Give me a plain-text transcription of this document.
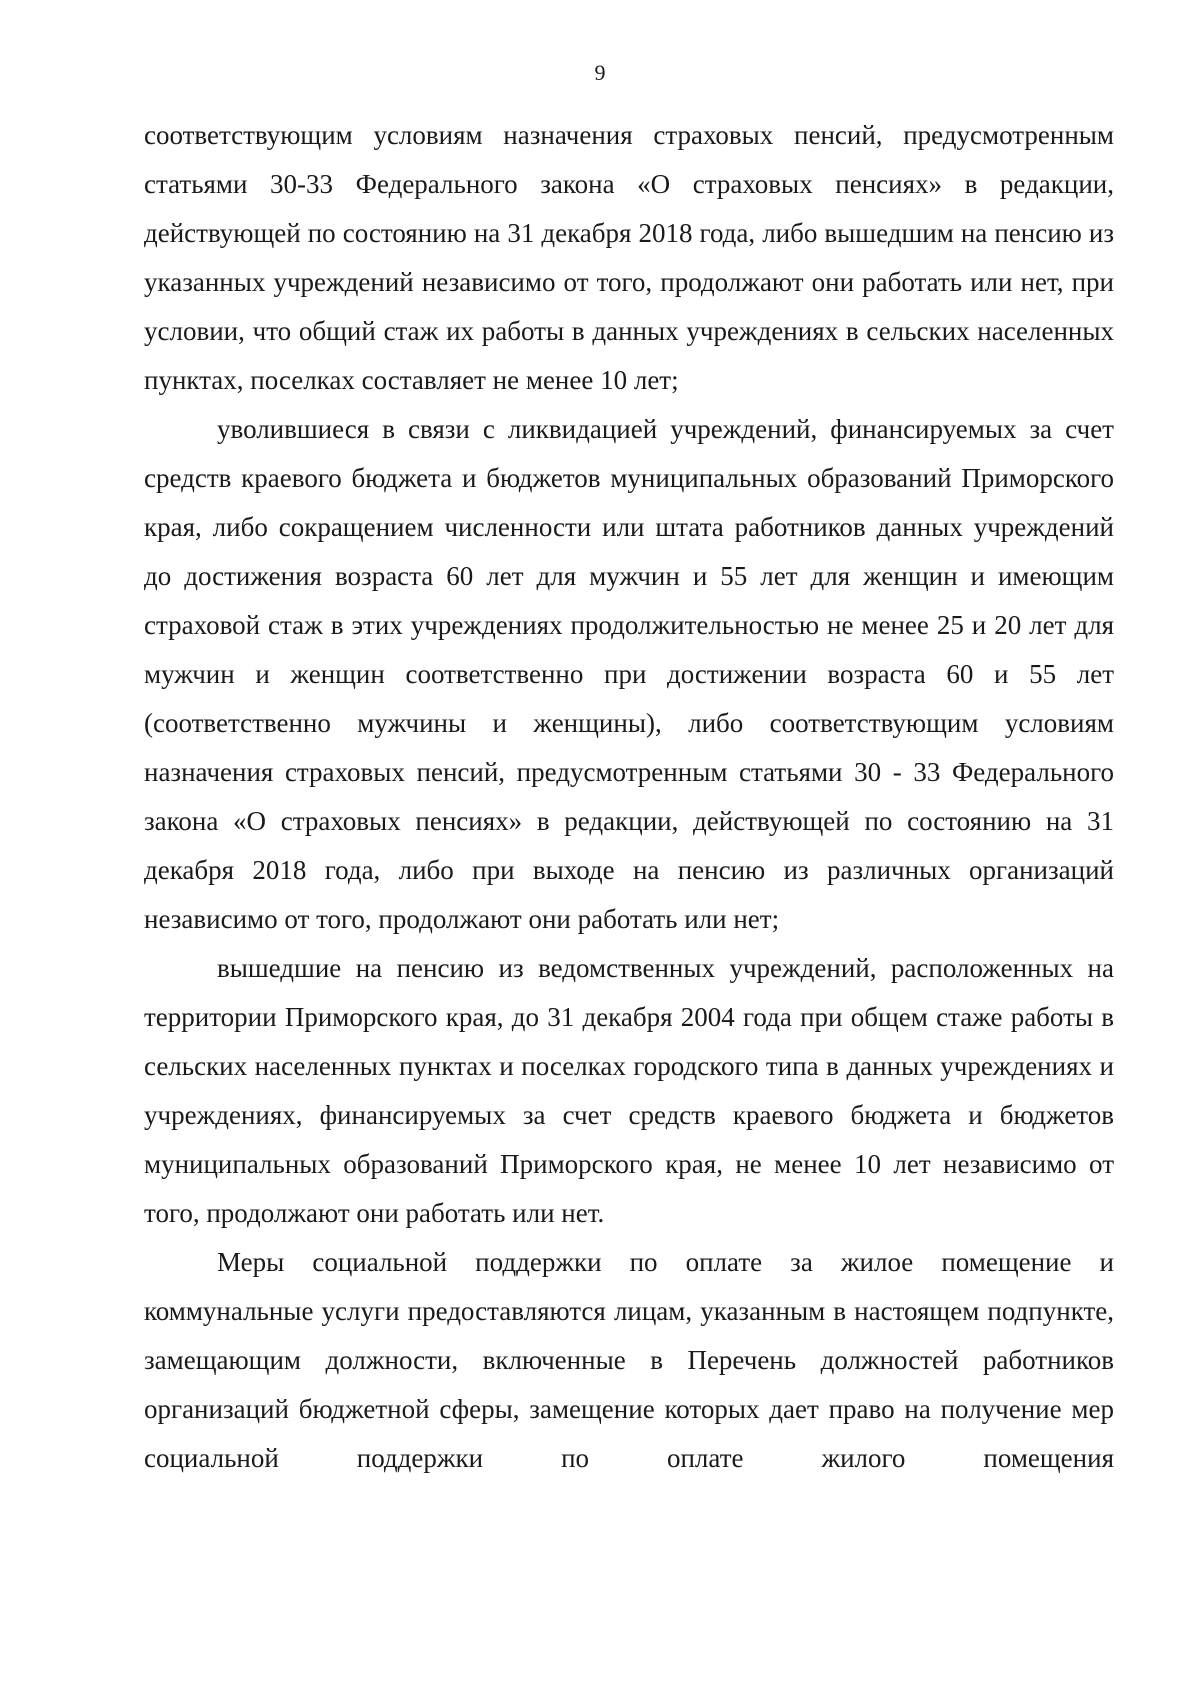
9

соответствующим условиям назначения страховых пенсий, предусмотренным статьями 30-33 Федерального закона «О страховых пенсиях» в редакции, действующей по состоянию на 31 декабря 2018 года, либо вышедшим на пенсию из указанных учреждений независимо от того, продолжают они работать или нет, при условии, что общий стаж их работы в данных учреждениях в сельских населенных пунктах, поселках составляет не менее 10 лет;

уволившиеся в связи с ликвидацией учреждений, финансируемых за счет средств краевого бюджета и бюджетов муниципальных образований Приморского края, либо сокращением численности или штата работников данных учреждений до достижения возраста 60 лет для мужчин и 55 лет для женщин и имеющим страховой стаж в этих учреждениях продолжительностью не менее 25 и 20 лет для мужчин и женщин соответственно при достижении возраста 60 и 55 лет (соответственно мужчины и женщины), либо соответствующим условиям назначения страховых пенсий, предусмотренным статьями 30 - 33 Федерального закона «О страховых пенсиях» в редакции, действующей по состоянию на 31 декабря 2018 года, либо при выходе на пенсию из различных организаций независимо от того, продолжают они работать или нет;

вышедшие на пенсию из ведомственных учреждений, расположенных на территории Приморского края, до 31 декабря 2004 года при общем стаже работы в сельских населенных пунктах и поселках городского типа в данных учреждениях и учреждениях, финансируемых за счет средств краевого бюджета и бюджетов муниципальных образований Приморского края, не менее 10 лет независимо от того, продолжают они работать или нет.

Меры социальной поддержки по оплате за жилое помещение и коммунальные услуги предоставляются лицам, указанным в настоящем подпункте, замещающим должности, включенные в Перечень должностей работников организаций бюджетной сферы, замещение которых дает право на получение мер социальной поддержки по оплате жилого помещения
